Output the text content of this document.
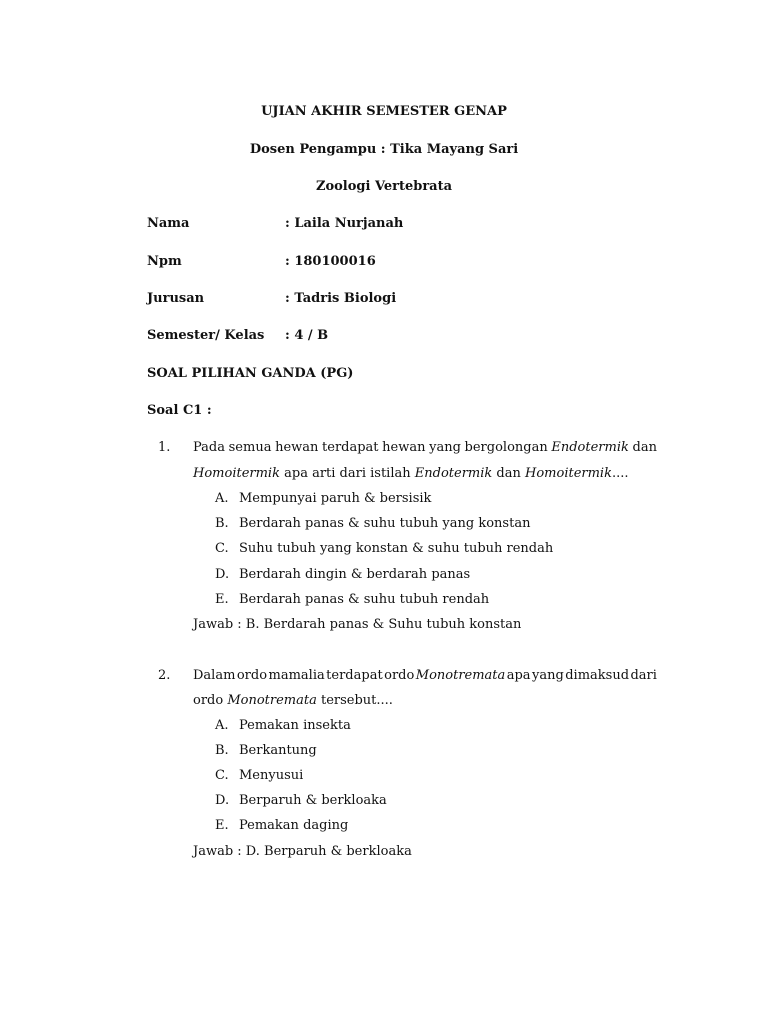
UJIAN AKHIR SEMESTER GENAP
Dosen Pengampu : Tika Mayang Sari
Zoologi Vertebrata
Nama	: Laila Nurjanah
Npm	: 180100016
Jurusan	: Tadris Biologi
Semester/ Kelas : 4 / B
SOAL PILIHAN GANDA (PG)
Soal C1 :
1. Pada semua hewan terdapat hewan yang bergolongan Endotermik dan
Homoitermik apa arti dari istilah Endotermik dan Homoitermik....
A. Mempunyai paruh & bersisik
B. Berdarah panas & suhu tubuh yang konstan
C. Suhu tubuh yang konstan & suhu tubuh rendah
D. Berdarah dingin & berdarah panas
E. Berdarah panas & suhu tubuh rendah
Jawab : B. Berdarah panas & Suhu tubuh konstan
2. Dalam ordo mamalia terdapat ordo Monotremata apa yang dimaksud dari
ordo Monotremata tersebut....
A. Pemakan insekta
B. Berkantung
C. Menyusui
D. Berparuh & berkloaka
E. Pemakan daging
Jawab : D. Berparuh & berkloaka
